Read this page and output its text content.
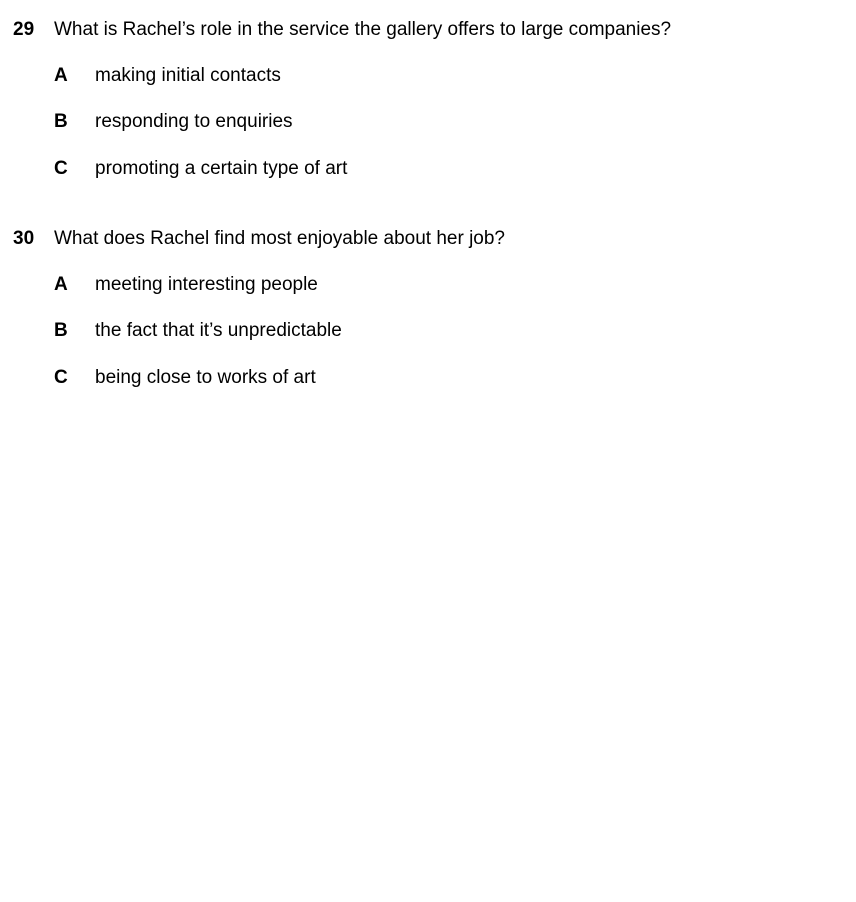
29 What is Rachel’s role in the service the gallery offers to large companies?
A making initial contacts
B responding to enquiries
C promoting a certain type of art
30 What does Rachel find most enjoyable about her job?
A meeting interesting people
B the fact that it’s unpredictable
C being close to works of art
